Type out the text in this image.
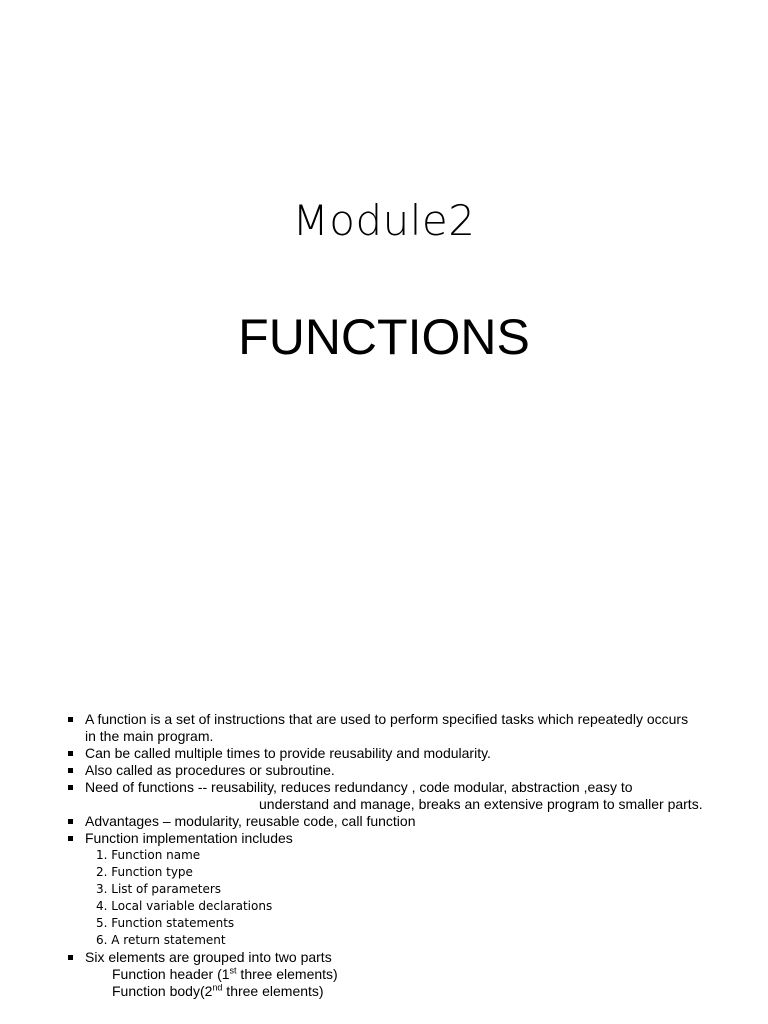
Module2
FUNCTIONS
A function is a set of instructions that are used to perform specified tasks which repeatedly occurs
in the main program.
Can be called multiple times to provide reusability and modularity.
Also called as procedures or subroutine.
Need of functions -- reusability, reduces redundancy , code modular, abstraction ,easy to
understand and manage, breaks an extensive program to smaller parts.
Advantages – modularity, reusable code, call function
Function implementation includes
1. Function name
2. Function type
3. List of parameters
4. Local variable declarations
5. Function statements
6. A return statement
Six elements are grouped into two parts
Function header (1st three elements)
Function body(2nd three elements)
